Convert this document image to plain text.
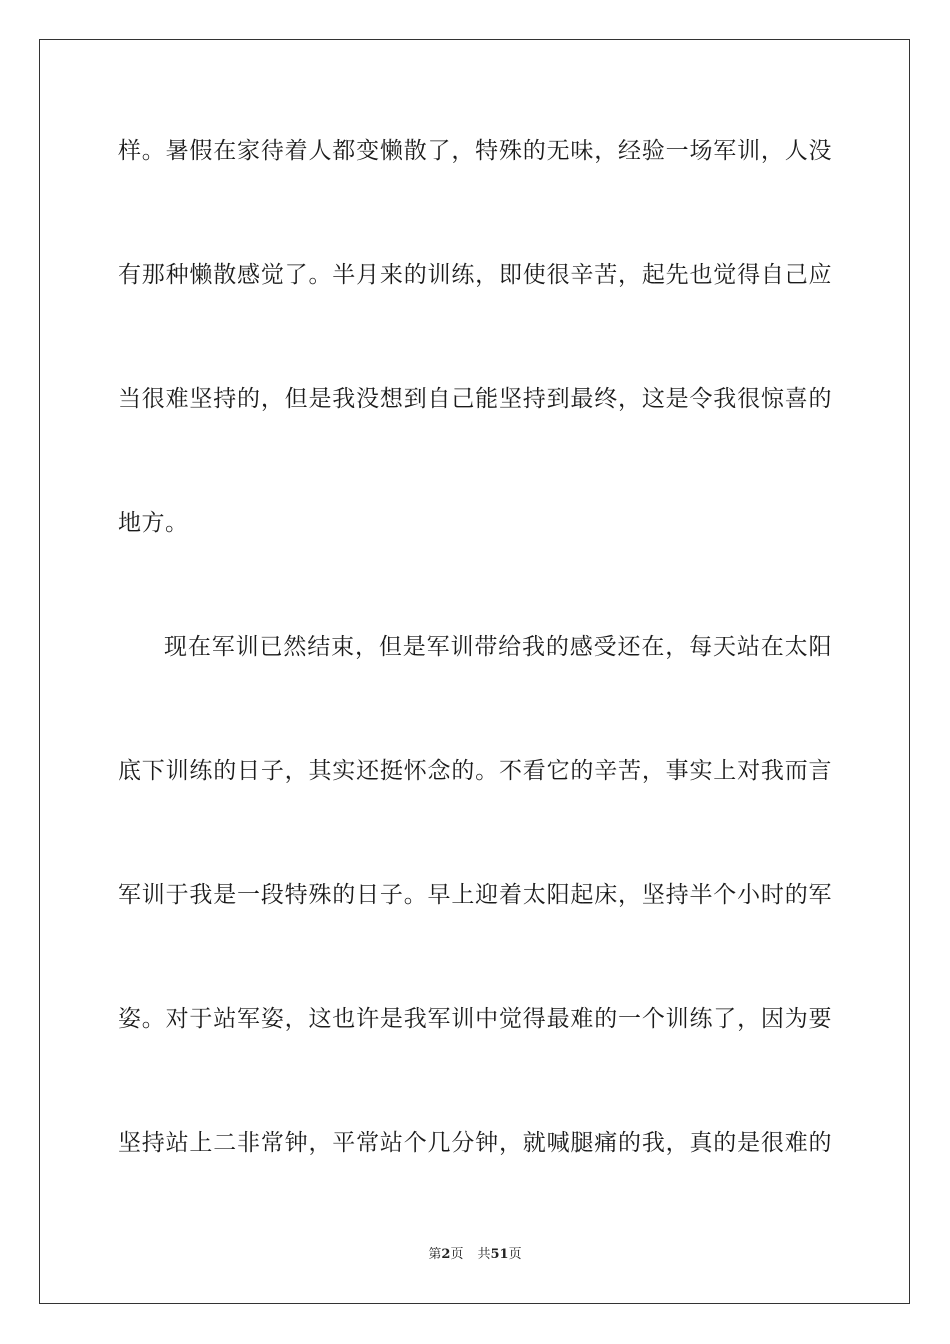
样。暑假在家待着人都变懒散了，特殊的无味，经验一场军训，人没
有那种懒散感觉了。半月来的训练，即使很辛苦，起先也觉得自己应
当很难坚持的，但是我没想到自己能坚持到最终，这是令我很惊喜的
地方。
现在军训已然结束，但是军训带给我的感受还在，每天站在太阳
底下训练的日子，其实还挺怀念的。不看它的辛苦，事实上对我而言
军训于我是一段特殊的日子。早上迎着太阳起床，坚持半个小时的军
姿。对于站军姿，这也许是我军训中觉得最难的一个训练了，因为要
坚持站上二非常钟，平常站个几分钟，就喊腿痛的我，真的是很难的
第2页 共51页
